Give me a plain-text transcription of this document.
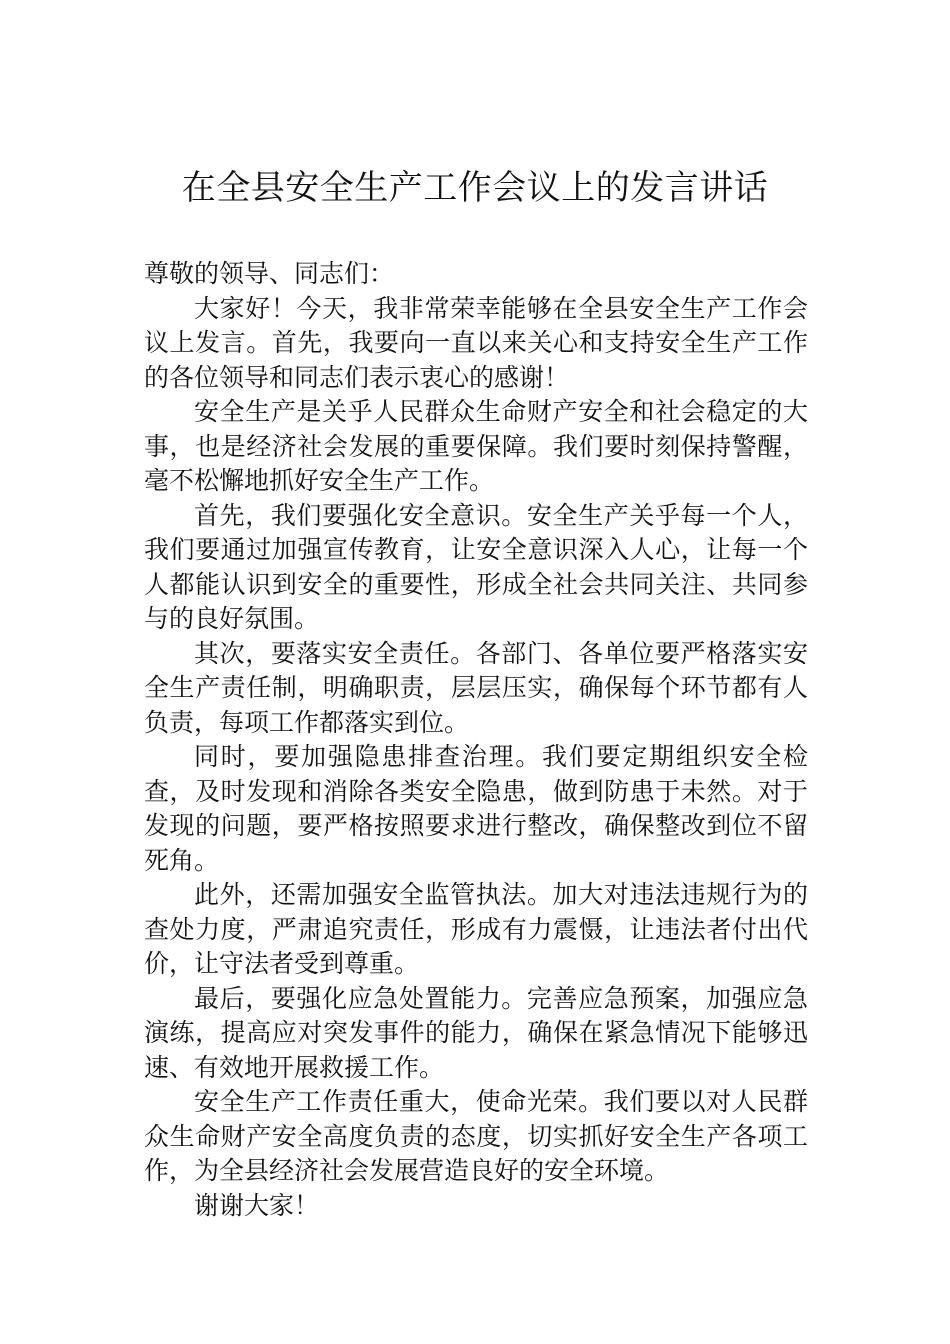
在全县安全生产工作会议上的发言讲话

尊敬的领导、同志们：

大家好！今天，我非常荣幸能够在全县安全生产工作会议上发言。首先，我要向一直以来关心和支持安全生产工作的各位领导和同志们表示衷心的感谢！

安全生产是关乎人民群众生命财产安全和社会稳定的大事，也是经济社会发展的重要保障。我们要时刻保持警醒，毫不松懈地抓好安全生产工作。

首先，我们要强化安全意识。安全生产关乎每一个人，我们要通过加强宣传教育，让安全意识深入人心，让每一个人都能认识到安全的重要性，形成全社会共同关注、共同参与的良好氛围。

其次，要落实安全责任。各部门、各单位要严格落实安全生产责任制，明确职责，层层压实，确保每个环节都有人负责，每项工作都落实到位。

同时，要加强隐患排查治理。我们要定期组织安全检查，及时发现和消除各类安全隐患，做到防患于未然。对于发现的问题，要严格按照要求进行整改，确保整改到位不留死角。

此外，还需加强安全监管执法。加大对违法违规行为的查处力度，严肃追究责任，形成有力震慑，让违法者付出代价，让守法者受到尊重。

最后，要强化应急处置能力。完善应急预案，加强应急演练，提高应对突发事件的能力，确保在紧急情况下能够迅速、有效地开展救援工作。

安全生产工作责任重大，使命光荣。我们要以对人民群众生命财产安全高度负责的态度，切实抓好安全生产各项工作，为全县经济社会发展营造良好的安全环境。

谢谢大家！
